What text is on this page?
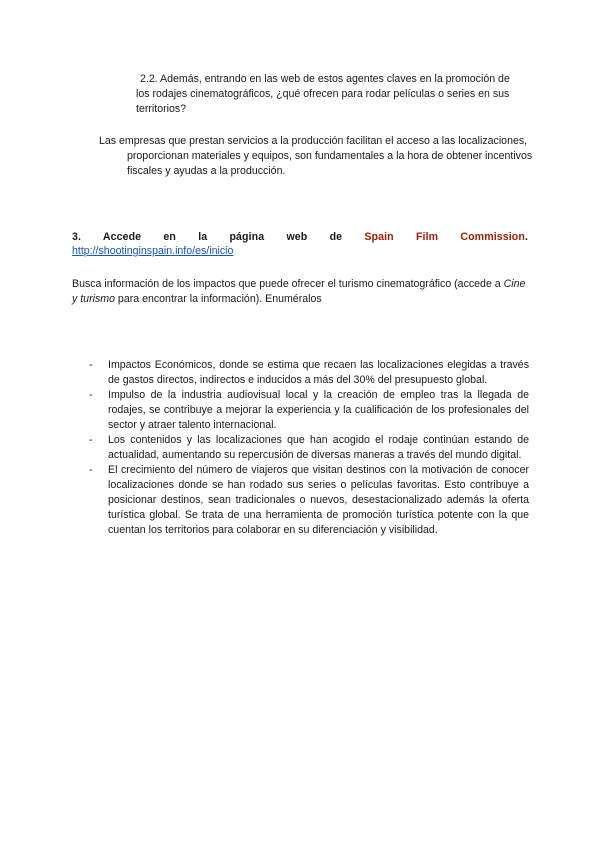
2.2. Además, entrando en las web de estos agentes claves en la promoción de
los rodajes cinematográficos, ¿qué ofrecen para rodar películas o series en sus
territorios?

Las empresas que prestan servicios a la producción facilitan el acceso a las localizaciones, proporcionan materiales y equipos, son fundamentales a la hora de obtener incentivos fiscales y ayudas a la producción.

3. Accede en la página web de Spain Film Commission.
http://shootinginspain.info/es/inicio

Busca información de los impactos que puede ofrecer el turismo cinematográfico (accede a Cine y turismo para encontrar la información). Enuméralos

- Impactos Económicos, donde se estima que recaen las localizaciones elegidas a través de gastos directos, indirectos e inducidos a más del 30% del presupuesto global.
- Impulso de la industria audiovisual local y la creación de empleo tras la llegada de rodajes, se contribuye a mejorar la experiencia y la cualificación de los profesionales del sector y atraer talento internacional.
- Los contenidos y las localizaciones que han acogido el rodaje continúan estando de actualidad, aumentando su repercusión de diversas maneras a través del mundo digital.
- El crecimiento del número de viajeros que visitan destinos con la motivación de conocer localizaciones donde se han rodado sus series o películas favoritas. Esto contribuye a posicionar destinos, sean tradicionales o nuevos, desestacionalizado además la oferta turística global. Se trata de una herramienta de promoción turística potente con la que cuentan los territorios para colaborar en su diferenciación y visibilidad.
